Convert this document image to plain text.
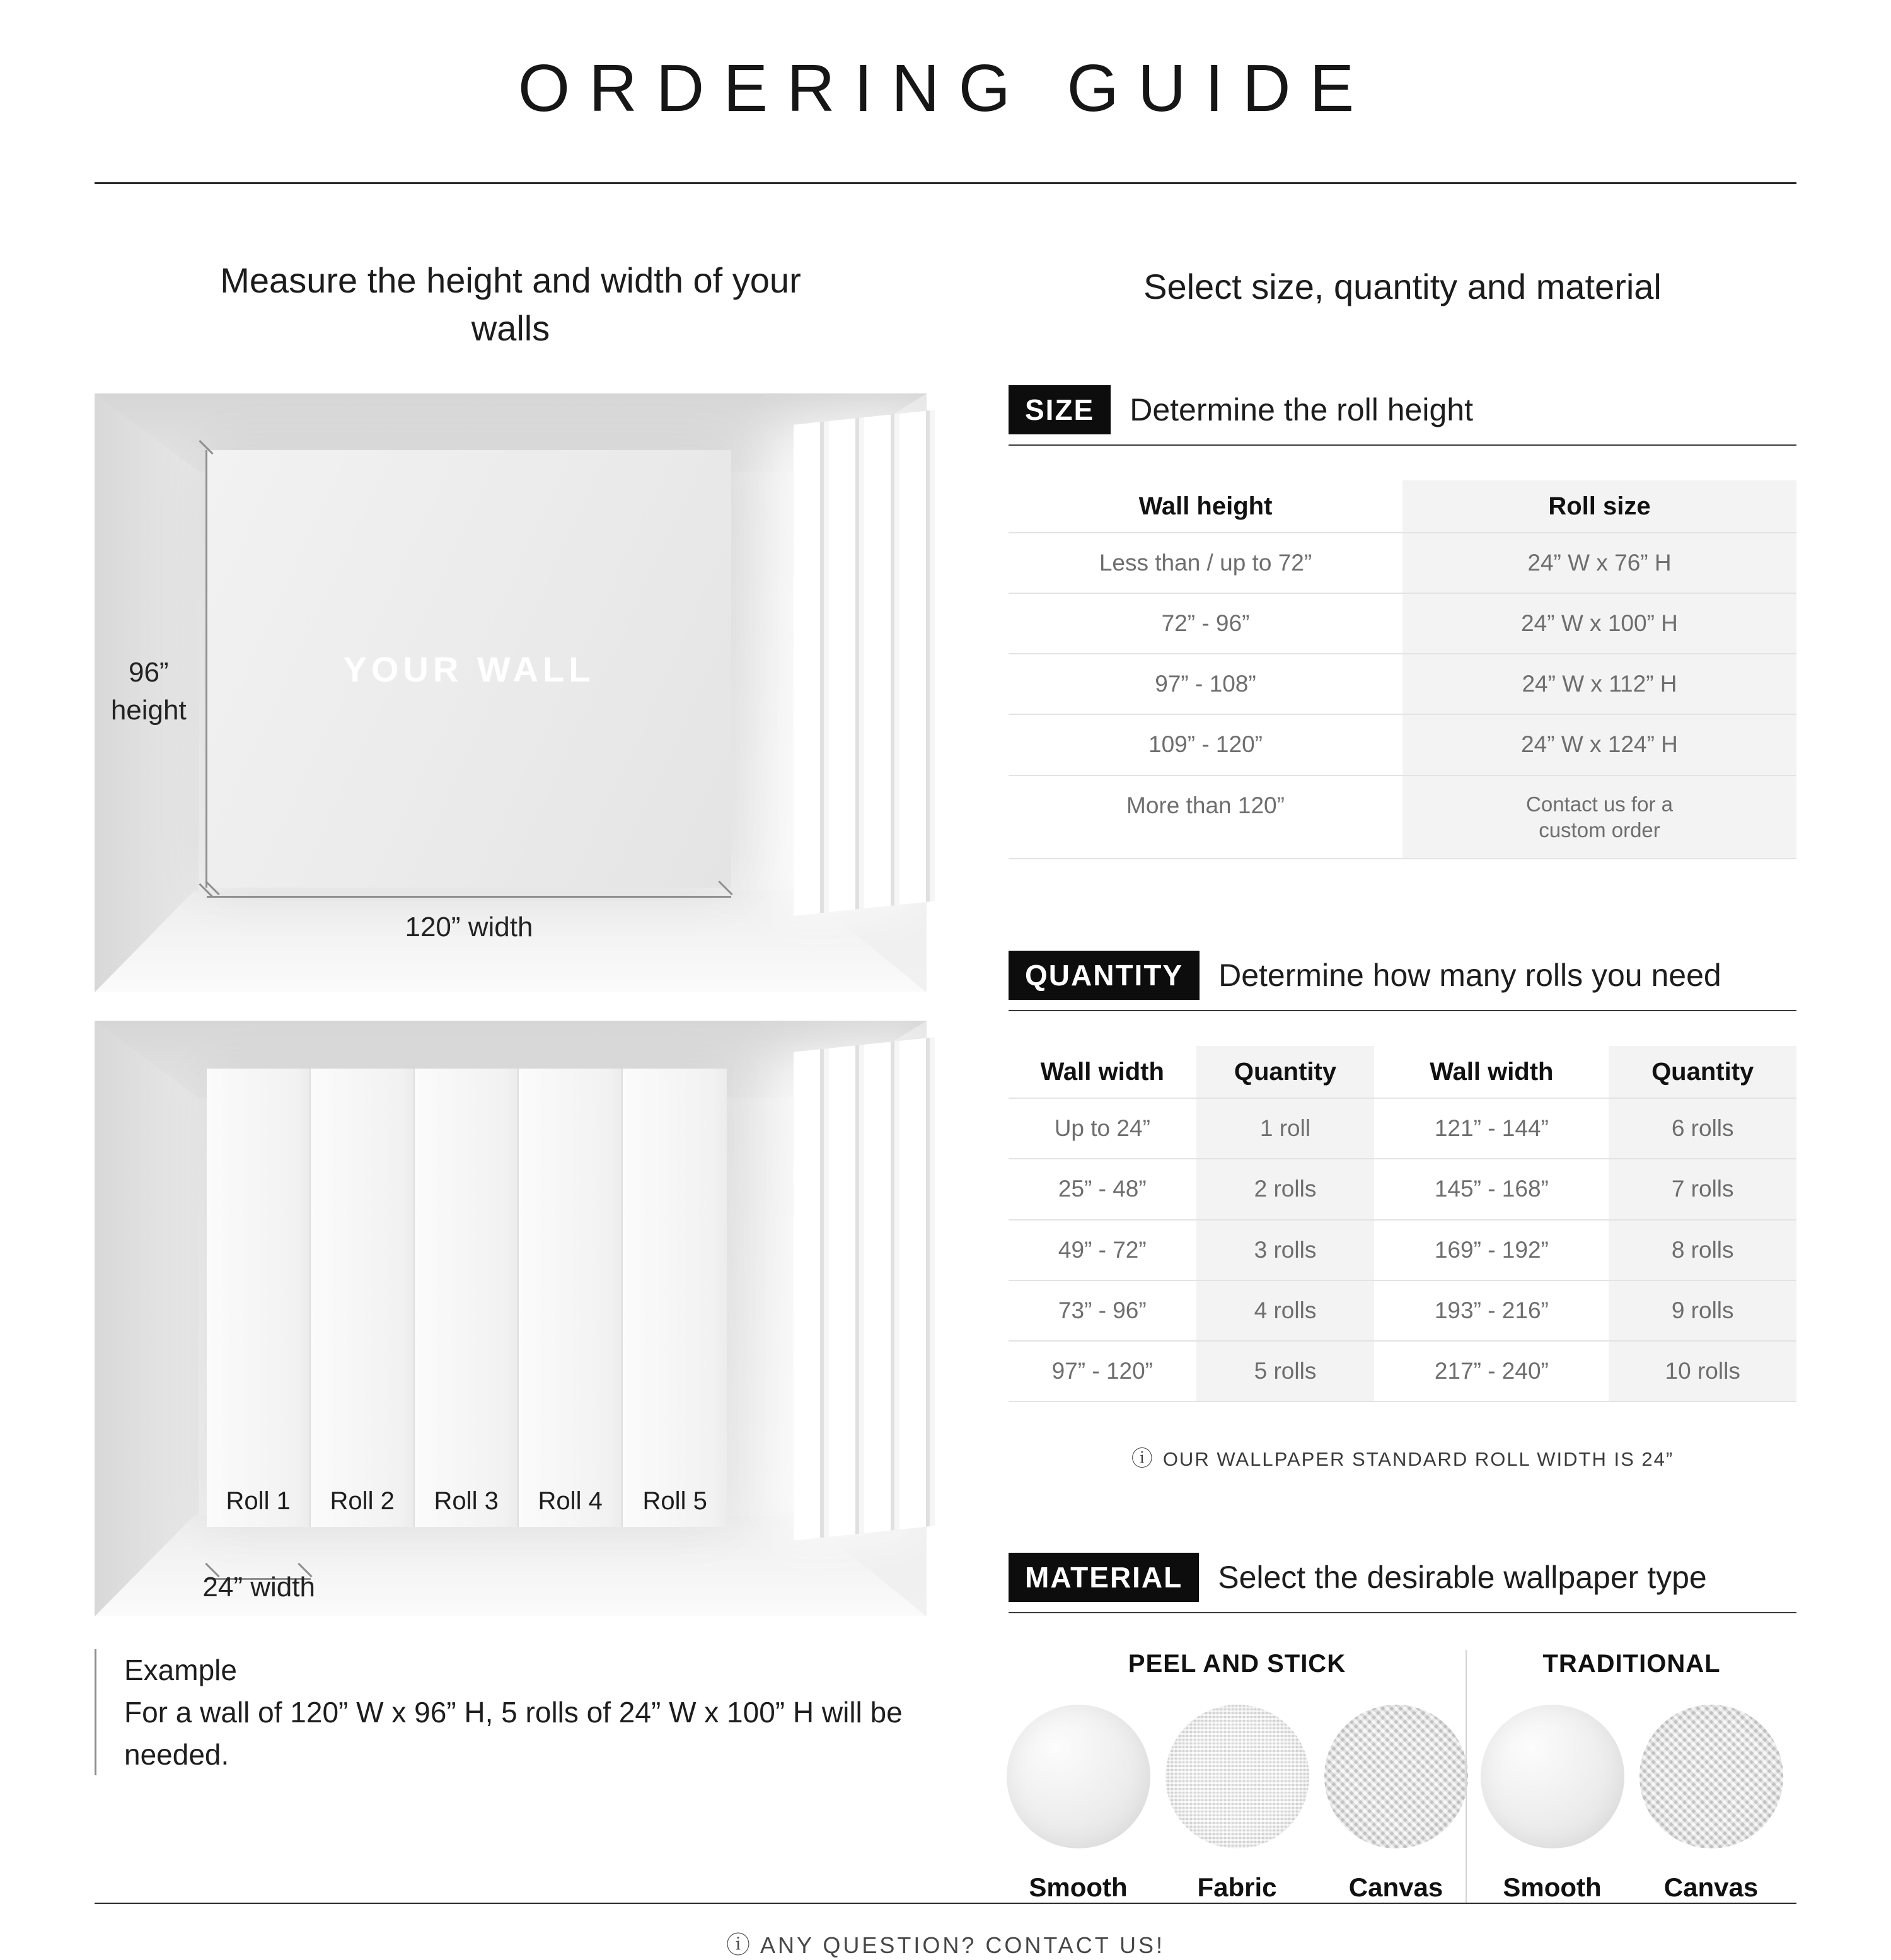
ORDERING GUIDE
Measure the height and width of your walls
YOUR WALL
96”
height
120” width
Roll 1	Roll 2	Roll 3	Roll 4	Roll 5
24” width
Example
For a wall of 120” W x 96” H, 5 rolls of 24” W x 100” H will be needed.
Select size, quantity and material
SIZE	Determine the roll height
Wall height	Roll size
Less than / up to 72”	24” W x 76” H
72” - 96”	24” W x 100” H
97” - 108”	24” W x 112” H
109” - 120”	24” W x 124” H
More than 120”	Contact us for a custom order
QUANTITY	Determine how many rolls you need
Wall width	Quantity	Wall width	Quantity
Up to 24”	1 roll	121” - 144”	6 rolls
25” - 48”	2 rolls	145” - 168”	7 rolls
49” - 72”	3 rolls	169” - 192”	8 rolls
73” - 96”	4 rolls	193” - 216”	9 rolls
97” - 120”	5 rolls	217” - 240”	10 rolls
ⓘ OUR WALLPAPER STANDARD ROLL WIDTH IS 24”
MATERIAL	Select the desirable wallpaper type
PEEL AND STICK
Smooth	Fabric	Canvas
TRADITIONAL
Smooth Canvas
ⓘ ANY QUESTION? CONTACT US!
